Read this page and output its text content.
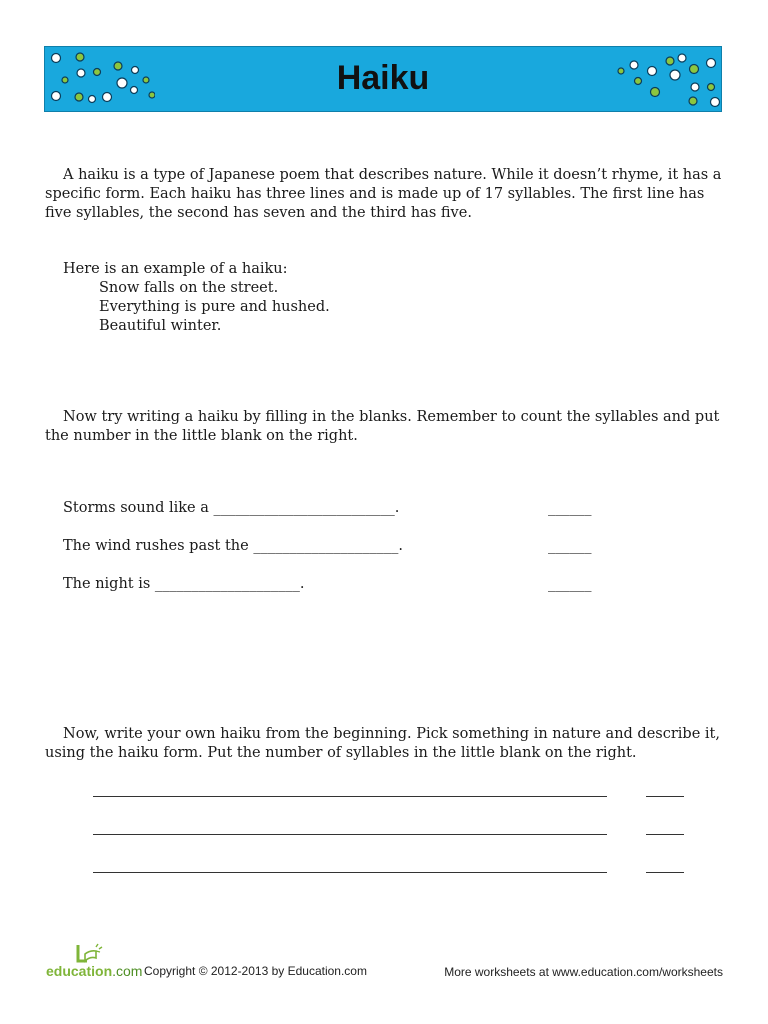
Haiku
A haiku is a type of Japanese poem that describes nature. While it doesn’t rhyme, it has a specific form. Each haiku has three lines and is made up of 17 syllables. The first line has five syllables, the second has seven and the third has five.
Here is an example of a haiku:
Snow falls on the street.
Everything is pure and hushed.
Beautiful winter.
Now try writing a haiku by filling in the blanks. Remember to count the syllables and put the number in the little blank on the right.
Storms sound like a _________________________.	______
The wind rushes past the ____________________.	______
The night is ____________________.	______
Now, write your own haiku from the beginning. Pick something in nature and describe it, using the haiku form. Put the number of syllables in the little blank on the right.
education.com Copyright © 2012-2013 by Education.com	More worksheets at www.education.com/worksheets
